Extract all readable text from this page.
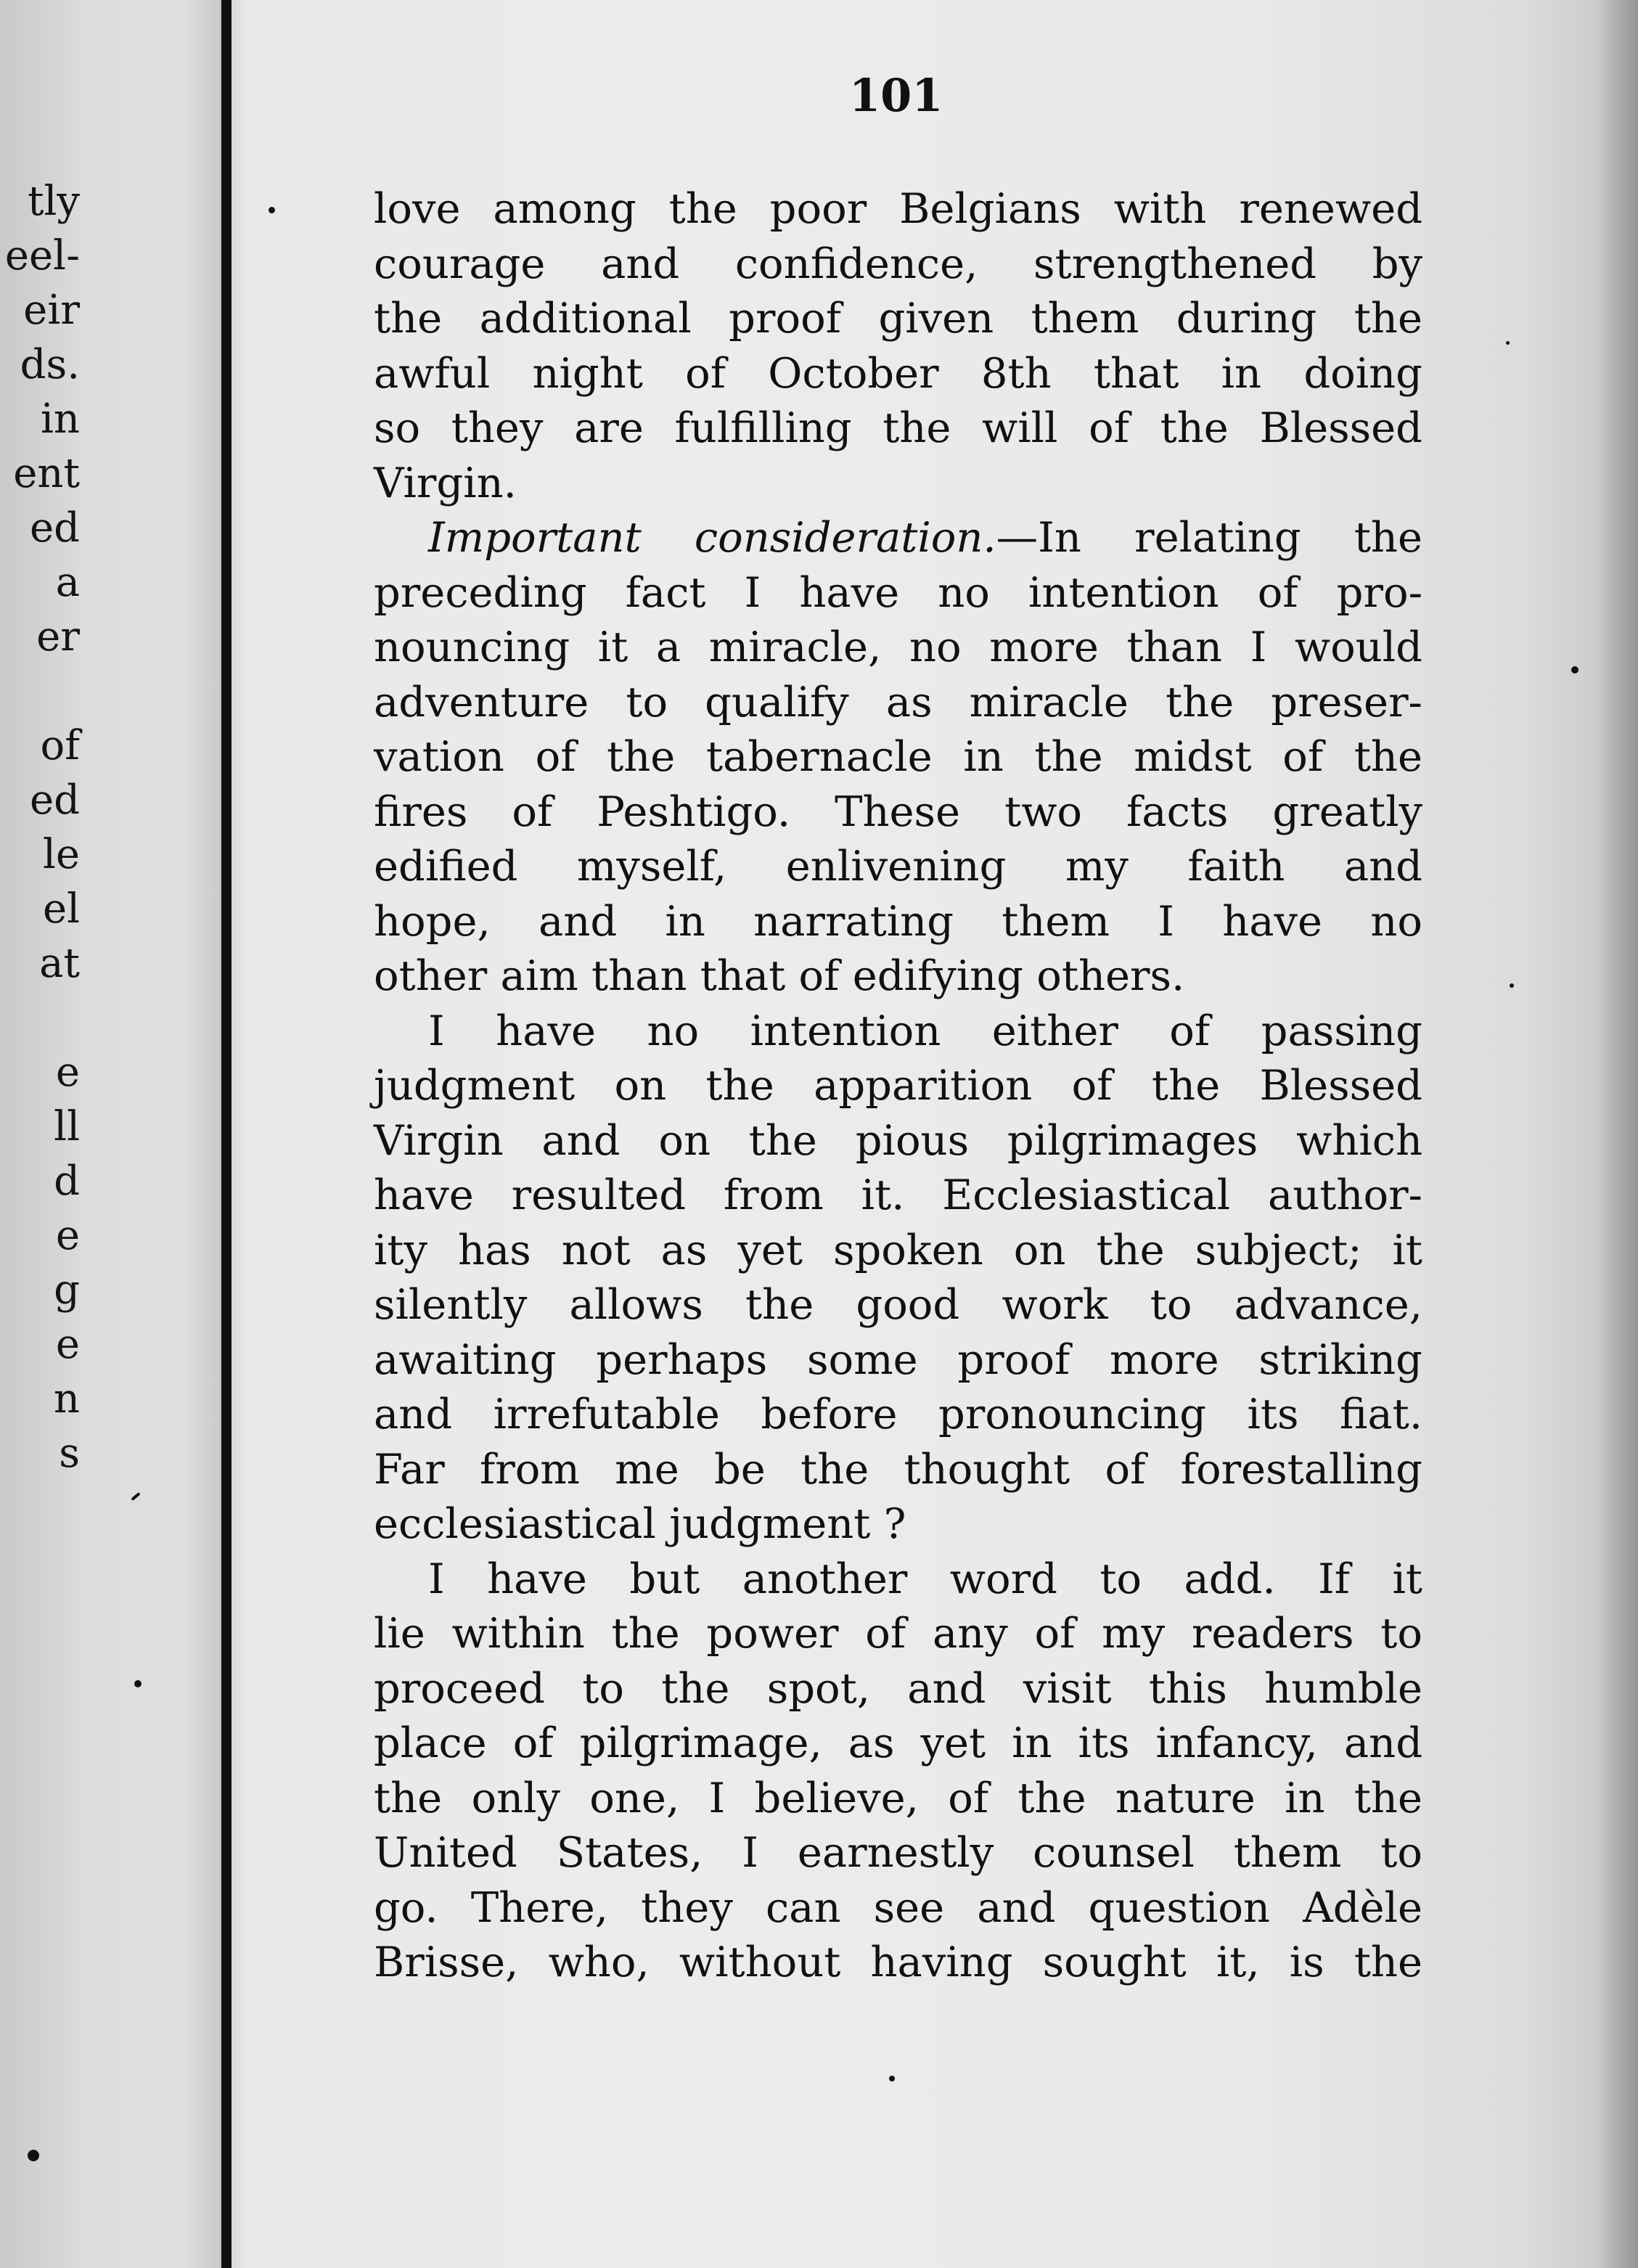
tly
eel-
eir
ds.
in
ent
ed
a
er
of
ed
le
el
at
e
ll
d
e
g
e
n
s
101
love among the poor Belgians with renewed
courage and confidence, strengthened by
the additional proof given them during the
awful night of October 8th that in doing
so they are fulfilling the will of the Blessed
Virgin.
Important consideration.—In relating the
preceding fact I have no intention of pro-
nouncing it a miracle, no more than I would
adventure to qualify as miracle the preser-
vation of the tabernacle in the midst of the
fires of Peshtigo. These two facts greatly
edified myself, enlivening my faith and
hope, and in narrating them I have no
other aim than that of edifying others.
I have no intention either of passing
judgment on the apparition of the Blessed
Virgin and on the pious pilgrimages which
have resulted from it. Ecclesiastical author-
ity has not as yet spoken on the subject; it
silently allows the good work to advance,
awaiting perhaps some proof more striking
and irrefutable before pronouncing its fiat.
Far from me be the thought of forestalling
ecclesiastical judgment ?
I have but another word to add. If it
lie within the power of any of my readers to
proceed to the spot, and visit this humble
place of pilgrimage, as yet in its infancy, and
the only one, I believe, of the nature in the
United States, I earnestly counsel them to
go. There, they can see and question Adèle
Brisse, who, without having sought it, is the
